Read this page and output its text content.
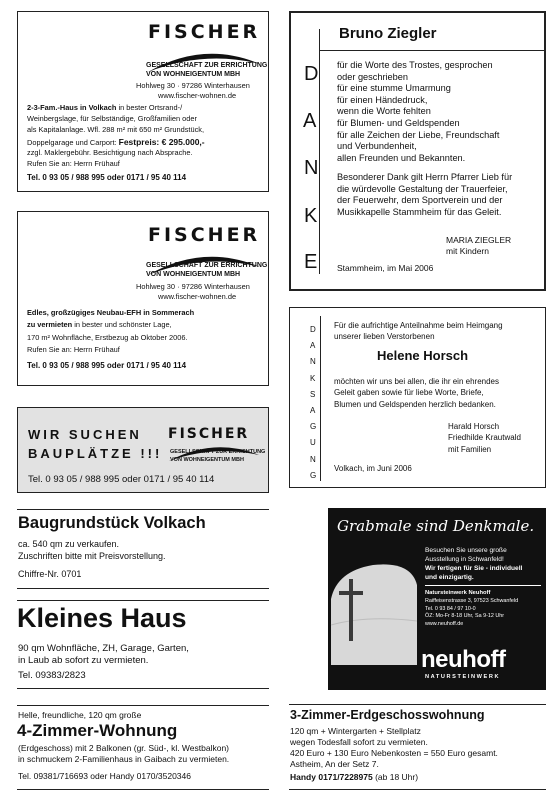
FISCHER
GESELLSCHAFT ZUR ERRICHTUNG
VON WOHNEIGENTUM MBH
Hohlweg 30 · 97286 Winterhausen
www.fischer-wohnen.de
2-3-Fam.-Haus in Volkach in bester Ortsrand-/
Weinbergslage, für Selbständige, Großfamilien oder
als Kapitalanlage. Wfl. 288 m² mit 650 m² Grundstück,
Doppelgarage und Carport: Festpreis: € 295.000,-
zzgl. Maklergebühr. Besichtigung nach Absprache.
Rufen Sie an: Herrn Frühauf
Tel. 0 93 05 / 988 995 oder 0171 / 95 40 114
FISCHER
GESELLSCHAFT ZUR ERRICHTUNG
VON WOHNEIGENTUM MBH
Hohlweg 30 · 97286 Winterhausen
www.fischer-wohnen.de
Edles, großzügiges Neubau-EFH in Sommerach
zu vermieten in bester und schönster Lage,
170 m² Wohnfläche, Erstbezug ab Oktober 2006.
Rufen Sie an: Herrn Frühauf
Tel. 0 93 05 / 988 995 oder 0171 / 95 40 114
WIR SUCHEN
BAUPLÄTZE !!!
FISCHER
GESELLSCHAFT ZUR ERRICHTUNG
VON WOHNEIGENTUM MBH
Tel. 0 93 05 / 988 995 oder 0171 / 95 40 114
Baugrundstück Volkach
ca. 540 qm zu verkaufen.
Zuschriften bitte mit Preisvorstellung.
Chiffre-Nr. 0701
Kleines Haus
90 qm Wohnfläche, ZH, Garage, Garten,
in Laub ab sofort zu vermieten.
Tel. 09383/2823
Helle, freundliche, 120 qm große
4-Zimmer-Wohnung
(Erdgeschoss) mit 2 Balkonen (gr. Süd-, kl. Westbalkon)
in schmuckem 2-Familienhaus in Gaibach zu vermieten.
Tel. 09381/716693 oder Handy 0170/3520346
Bruno Ziegler
D
A
N
K
E
für die Worte des Trostes, gesprochen
oder geschrieben
für eine stumme Umarmung
für einen Händedruck,
wenn die Worte fehlten
für Blumen- und Geldspenden
für alle Zeichen der Liebe, Freundschaft
und Verbundenheit,
allen Freunden und Bekannten.
Besonderer Dank gilt Herrn Pfarrer Lieb für
die würdevolle Gestaltung der Trauerfeier,
der Feuerwehr, dem Sportverein und der
Musikkapelle Stammheim für das Geleit.
MARIA ZIEGLER
mit Kindern
Stammheim, im Mai 2006
D
A
N
K
S
A
G
U
N
G
Für die aufrichtige Anteilnahme beim Heimgang
unserer lieben Verstorbenen
Helene Horsch
möchten wir uns bei allen, die ihr ein ehrendes
Geleit gaben sowie für liebe Worte, Briefe,
Blumen und Geldspenden herzlich bedanken.
Harald Horsch
Friedhilde Krautwald
mit Familien
Volkach, im Juni 2006
Grabmale sind Denkmale.
Besuchen Sie unsere große
Ausstellung in Schwanfeld!
Wir fertigen für Sie - individuell
und einzigartig.
Natursteinwerk Neuhoff
Raiffeisenstrasse 3, 97523 Schwanfeld
Tel. 0 93 84 / 97 10-0
ÖZ: Mo-Fr 8-18 Uhr, Sa 9-12 Uhr
www.neuhoff.de
neuhoff
NATURSTEINWERK
3-Zimmer-Erdgeschosswohnung
120 qm + Wintergarten + Stellplatz
wegen Todesfall sofort zu vermieten.
420 Euro + 130 Euro Nebenkosten = 550 Euro gesamt.
Astheim, An der Setz 7.
Handy 0171/7228975 (ab 18 Uhr)
